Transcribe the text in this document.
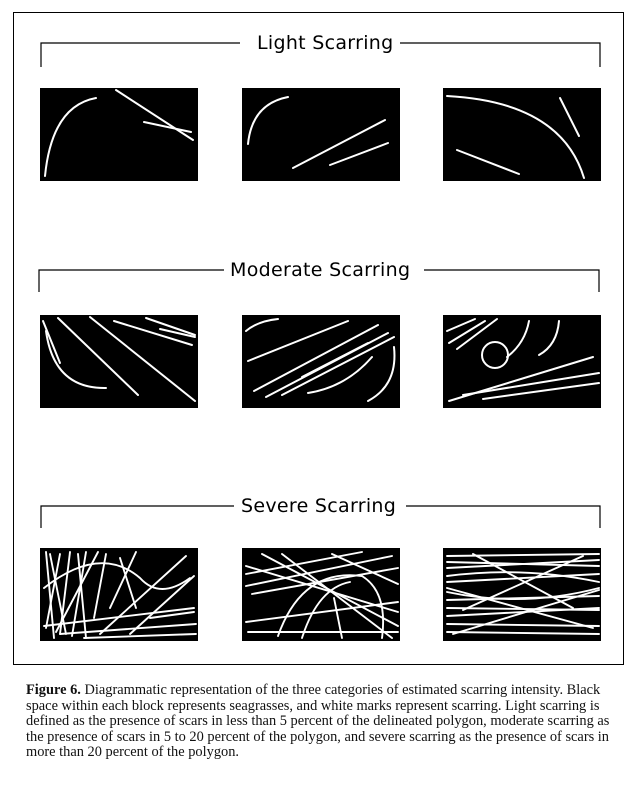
Light Scarring
Moderate Scarring
Severe Scarring
Figure 6. Diagrammatic representation of the three categories of estimated scarring intensity. Black space within each block represents seagrasses, and white marks represent scarring. Light scarring is defined as the presence of scars in less than 5 percent of the delineated polygon, moderate scarring as the presence of scars in 5 to 20 percent of the polygon, and severe scarring as the presence of scars in more than 20 percent of the polygon.
